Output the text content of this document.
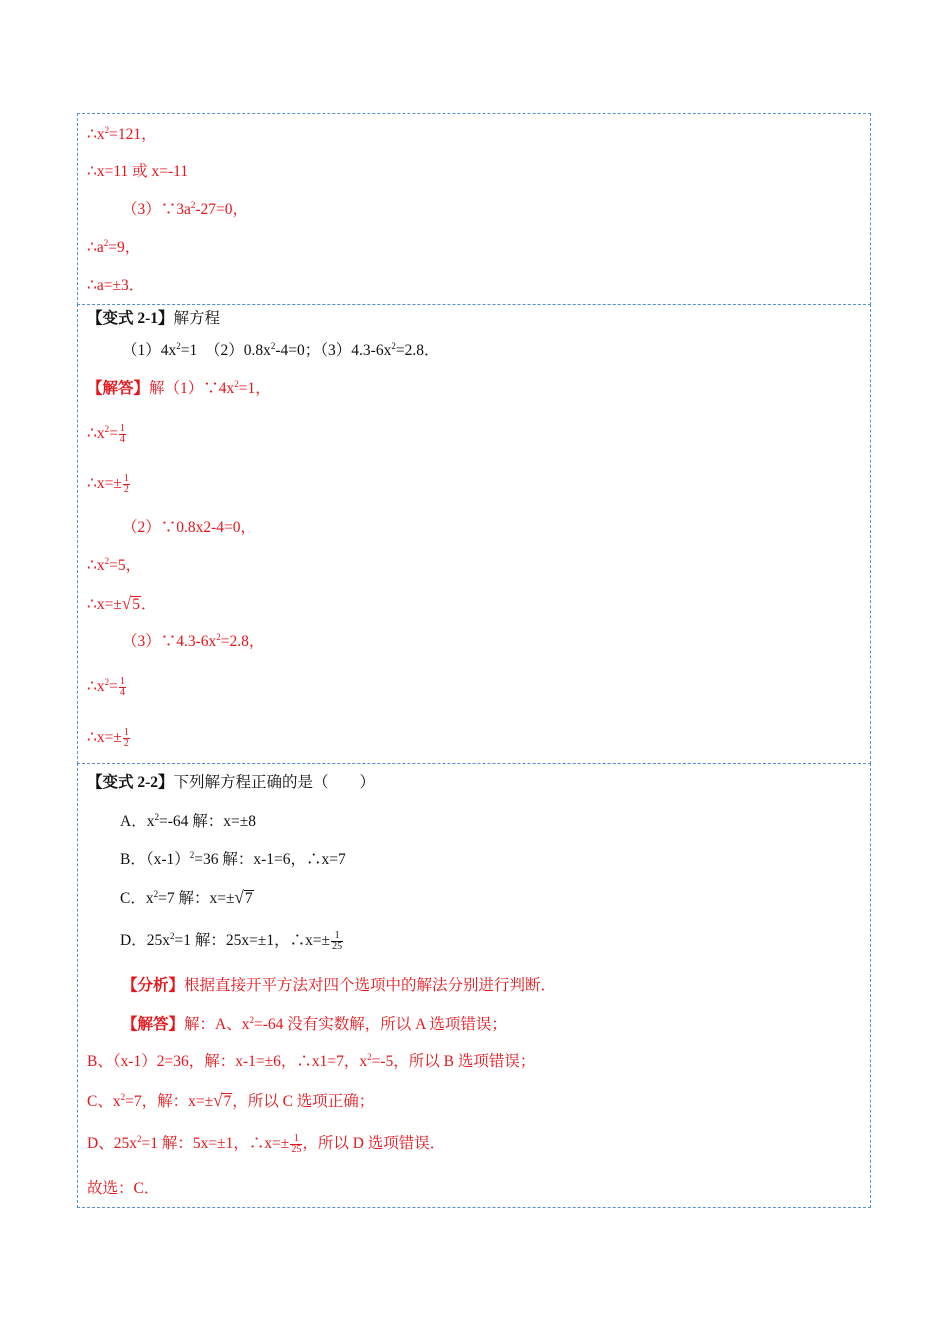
$\therefore x^2=121$，
∴x=11 或 x=-11
$(3)\because 3a^2-27=0$，
$\therefore a^2=9$，
∴a=±3．
【变式 2-1】解方程
$(1)4x^2=1$　$(2)0.8x^2-4=0$；$(3)4.3-6x^2=2.8$．
【解答】解$(1)\because 4x^2=1$，
$\therefore x^2= \frac{1}{4}$
∴x=± $\frac{1}{2}$
（2）∵0.8x2-4=0，
$\therefore x^2=5$，
∴x=±√5．
$(3)\because 4.3-6x^2=2.8$，
$\therefore x^2= \frac{1}{4}$
∴x=± $\frac{1}{2}$
【变式 2-2】下列解方程正确的是（　　）
A．$x^2=-64$ 解：x=±8
B．$(x-1)^2=36$ 解：x-1=6，∴x=7
C．$x^2=7$ 解：x=±√7
D．$25x^2=1$ 解：25x=±1，∴x=± $\frac{1}{25}$
【分析】根据直接开平方法对四个选项中的解法分别进行判断．
【解答】解：A、$x^2=-64$ 没有实数解，所以 A 选项错误；
B、（x-1）2=36，解：x-1=±6，∴x1=7，$x^2=-5$，所以 B 选项错误；
C、$x^2=7$，解：x=±√7，所以 C 选项正确；
D、$25x^2=1$ 解：5x=±1，∴x=± $\frac{1}{25}$ ，所以 D 选项错误．
故选：C．
